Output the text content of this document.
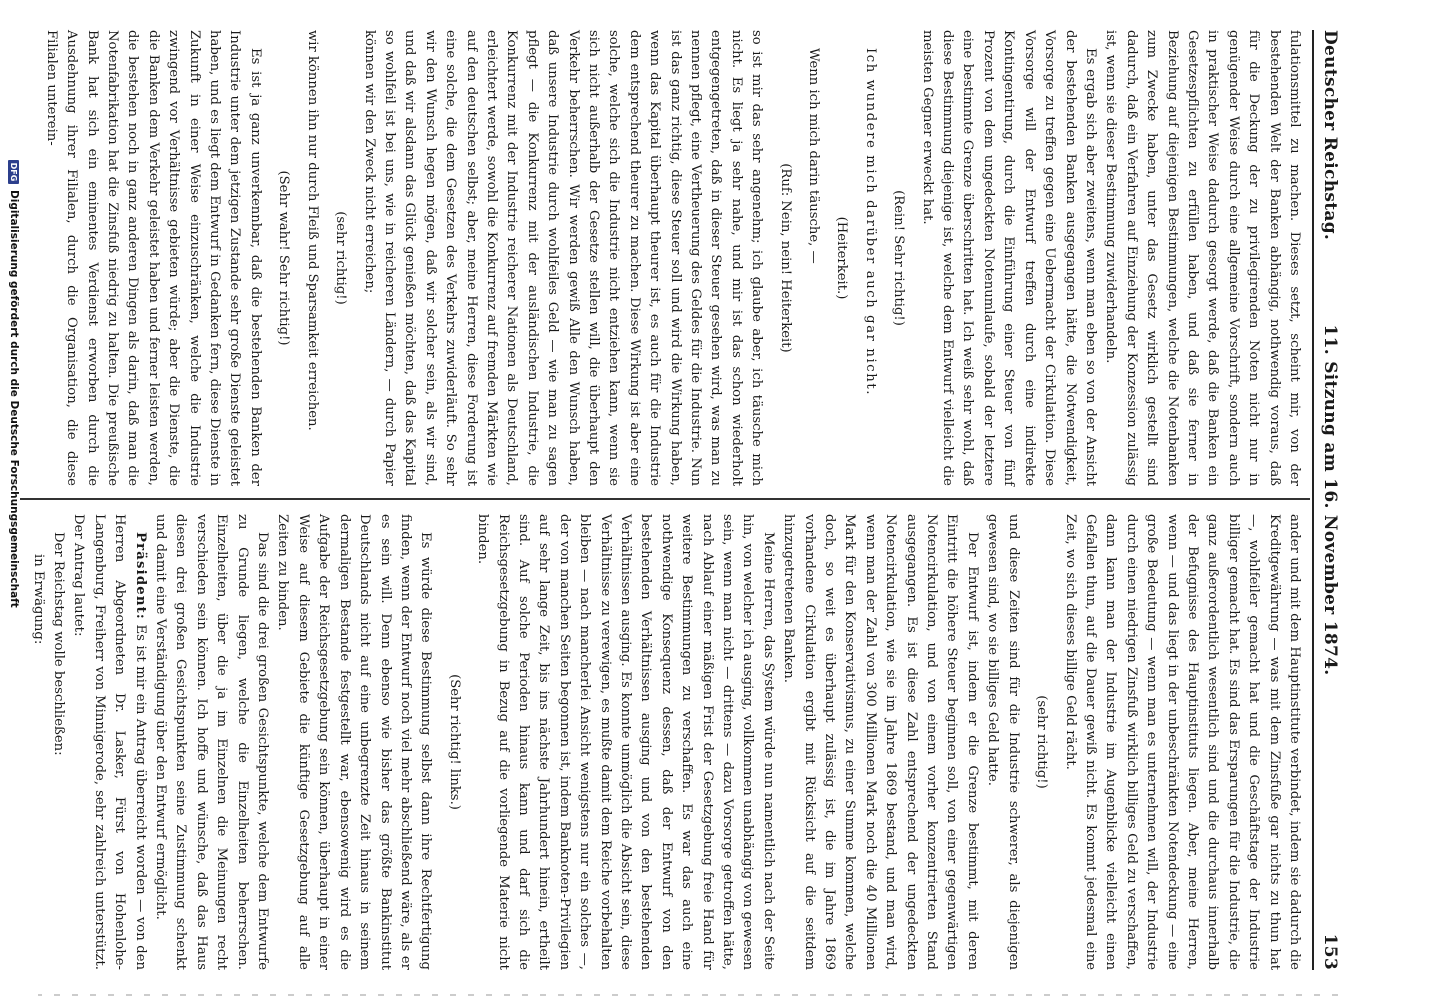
Deutscher Reichstag.
11. Sitzung am 16. November 1874.
153

fulationsmittel zu machen. Dieses setzt, scheint mir, von der bestehenden Welt der Banken abhängig, nothwendig voraus, daß für die Deckung der zu privilegirenden Noten nicht nur in genügender Weise durch eine allgemeine Vorschrift, sondern auch in praktischer Weise dadurch gesorgt werde, daß die Banken ein Gesetzespflichten zu erfüllen haben, und daß sie ferner in Beziehung auf diejenigen Bestimmungen, welche die Notenbanken zum Zwecke haben, unter das Gesetz wirklich gestellt sind dadurch, daß ein Verfahren auf Einziehung der Konzession zulässig ist, wenn sie dieser Bestimmung zuwiderhandeln.

Es ergab sich aber zweitens, wenn man eben so von der Ansicht der bestehenden Banken ausgegangen hätte, die Notwendigkeit, Vorsorge zu treffen gegen eine Uebermacht der Cirkulation. Diese Vorsorge will der Entwurf treffen durch eine indirekte Kontingentirung, durch die Einführung einer Steuer von fünf Prozent von dem ungedeckten Notenumlaufe, sobald der letztere eine bestimmte Grenze überschritten hat. Ich weiß sehr wohl, daß diese Bestimmung diejenige ist, welche dem Entwurf vielleicht die meisten Gegner erweckt hat.

(Rein! Sehr richtig!)

Ich wundere mich darüber auch gar nicht.

(Heiterkeit.)

Wenn ich mich darin täusche, —

(Ruf: Nein, nein! Heiterkeit)

so ist mir das sehr angenehm; ich glaube aber, ich täusche mich nicht. Es liegt ja sehr nahe, und mir ist das schon wiederholt entgegengetreten, daß in dieser Steuer gesehen wird, was man zu nennen pflegt, eine Vertheuerung des Geldes für die Industrie. Nun ist das ganz richtig, diese Steuer soll und wird die Wirkung haben, wenn das Kapital überhaupt theurer ist, es auch für die Industrie dem entsprechend theurer zu machen. Diese Wirkung ist aber eine solche, welche sich die Industrie nicht entziehen kann, wenn sie sich nicht außerhalb der Gesetze stellen will, die überhaupt den Verkehr beherrschen. Wir werden gewiß Alle den Wunsch haben, daß unsere Industrie durch wohlfeiles Geld — wie man zu sagen pflegt — die Konkurrenz mit der ausländischen Industrie, die Konkurrenz mit der Industrie reicherer Nationen als Deutschland, erleichtert werde, sowohl die Konkurrenz auf fremden Märkten wie auf den deutschen selbst; aber, meine Herren, diese Forderung ist eine solche, die dem Gesetzen des Verkehrs zuwiderläuft. So sehr wir den Wunsch hegen mögen, daß wir solcher sein, als wir sind, und daß wir alsdann das Glück genießen möchten, daß das Kapital so wohlfeil ist bei uns, wie in reicheren Ländern, — durch Papier können wir den Zweck nicht erreichen;

(sehr richtig!)

wir können ihn nur durch Fleiß und Sparsamkeit erreichen.

(Sehr wahr! Sehr richtig!)

Es ist ja ganz unverkennbar, daß die bestehenden Banken der Industrie unter dem jetzigen Zustande sehr große Dienste geleistet haben, und es liegt dem Entwurf in Gedanken fern, diese Dienste in Zukunft in einer Weise einzuschränken, welche die Industrie zwingend vor Verhältnisse gebieten würde; aber die Dienste, die die Banken dem Verkehr geleistet haben und ferner leisten werden, die bestehen noch in ganz anderen Dingen als darin, daß man die Notenfabrikation hat die Zinsfuß niedrig zu halten. Die preußische Bank hat sich ein eminentes Verdienst erworben durch die Ausdehnung ihrer Filialen, durch die Organisation, die diese Filialen unterein-

ander und mit dem Hauptinstitute verbindet, indem sie dadurch die Kreditgewährung — was mit dem Zinsfuße gar nichts zu thun hat —, wohlfeiler gemacht hat und die Geschäftstage der Industrie billiger gemacht hat. Es sind das Ersparungen für die Industrie, die ganz außerordentlich wesentlich sind und die durchaus innerhalb der Befugnisse des Hauptinstituts liegen. Aber, meine Herren, wenn — und das liegt in der unbeschränkten Notendeckung — eine große Bedeutung — wenn man es unternehmen will, der Industrie durch einen niedrigen Zinsfuß wirklich billiges Geld zu verschaffen, dann kann man der Industrie im Augenblicke vielleicht einen Gefallen thun, auf die Dauer gewiß nicht. Es kommt jedesmal eine Zeit, wo sich dieses billige Geld rächt.

(sehr richtig!)

und diese Zeiten sind für die Industrie schwerer, als diejenigen gewesen sind, wo sie billiges Geld hatte.

Der Entwurf ist, indem er die Grenze bestimmt, mit deren Eintritt die höhere Steuer beginnen soll, von einer gegenwärtigen Notencirkulation, und von einem vorher konzentrierten Stand ausgegangen. Es ist diese Zahl entsprechend der ungedeckten Notencirkulation, wie sie im Jahre 1869 bestand, und man wird, wenn man der Zahl von 300 Millionen Mark noch die 40 Millionen Mark für den Konservativismus, zu einer Summe kommen, welche doch, so weit es überhaupt zulässig ist, die im Jahre 1869 vorhandene Cirkulation ergibt mit Rücksicht auf die seitdem hinzugetretenen Banken.

Meine Herren, das System würde nun namentlich nach der Seite hin, von welcher ich ausging, vollkommen unabhängig von gewesen sein, wenn man nicht — drittens — dazu Vorsorge getroffen hätte, nach Ablauf einer mäßigen Frist der Gesetzgebung freie Hand für weitere Bestimmungen zu verschaffen. Es war das auch eine nothwendige Konsequenz dessen, daß der Entwurf von den bestehenden Verhältnissen ausging und von den bestehenden Verhältnissen ausging. Es konnte unmöglich die Absicht sein, diese Verhältnisse zu verewigen, es mußte damit dem Reiche vorbehalten bleiben — nach mancherlei Ansicht wenigstens nur ein solches —, der von manchen Seiten begonnen ist, indem Banknoten-Privilegien auf sehr lange Zeit, bis ins nächste Jahrhundert hinein, ertheilt sind. Auf solche Perioden hinaus kann und darf sich die Reichsgesetzgebung in Bezug auf die vorliegende Materie nicht binden.

(Sehr richtig! links.)

Es würde diese Bestimmung selbst dann ihre Rechtfertigung finden, wenn der Entwurf noch viel mehr abschließend wäre, als er es sein will. Denn ebenso wie bisher das größte Bankinstitut Deutschlands nicht auf eine unbegrenzte Zeit hinaus in seinem dermaligen Bestande festgestellt war, ebensowenig wird es die Aufgabe der Reichsgesetzgebung sein können, überhaupt in einer Weise auf diesem Gebiete die künftige Gesetzgebung auf alle Zeiten zu binden.

Das sind die drei großen Gesichtspunkte, welche dem Entwurfe zu Grunde liegen, welche die Einzelheiten beherrschen. Einzelheiten, über die ja im Einzelnen die Meinungen recht verschieden sein können. Ich hoffe und wünsche, daß das Haus diesen drei großen Gesichtspunkten seine Zustimmung schenkt und damit eine Verständigung über den Entwurf ermöglicht.

Präsident: Es ist mir ein Antrag überreicht worden — von den Herren Abgeordneten Dr. Lasker, Fürst von Hohenlohe-Langenburg, Freiherr von Minnigerode, sehr zahlreich unterstützt. Der Antrag lautet:

Der Reichstag wolle beschließen:

in Erwägung:

DFGDigitalisierung gefördert durch die Deutsche Forschungsgemeinschaft
